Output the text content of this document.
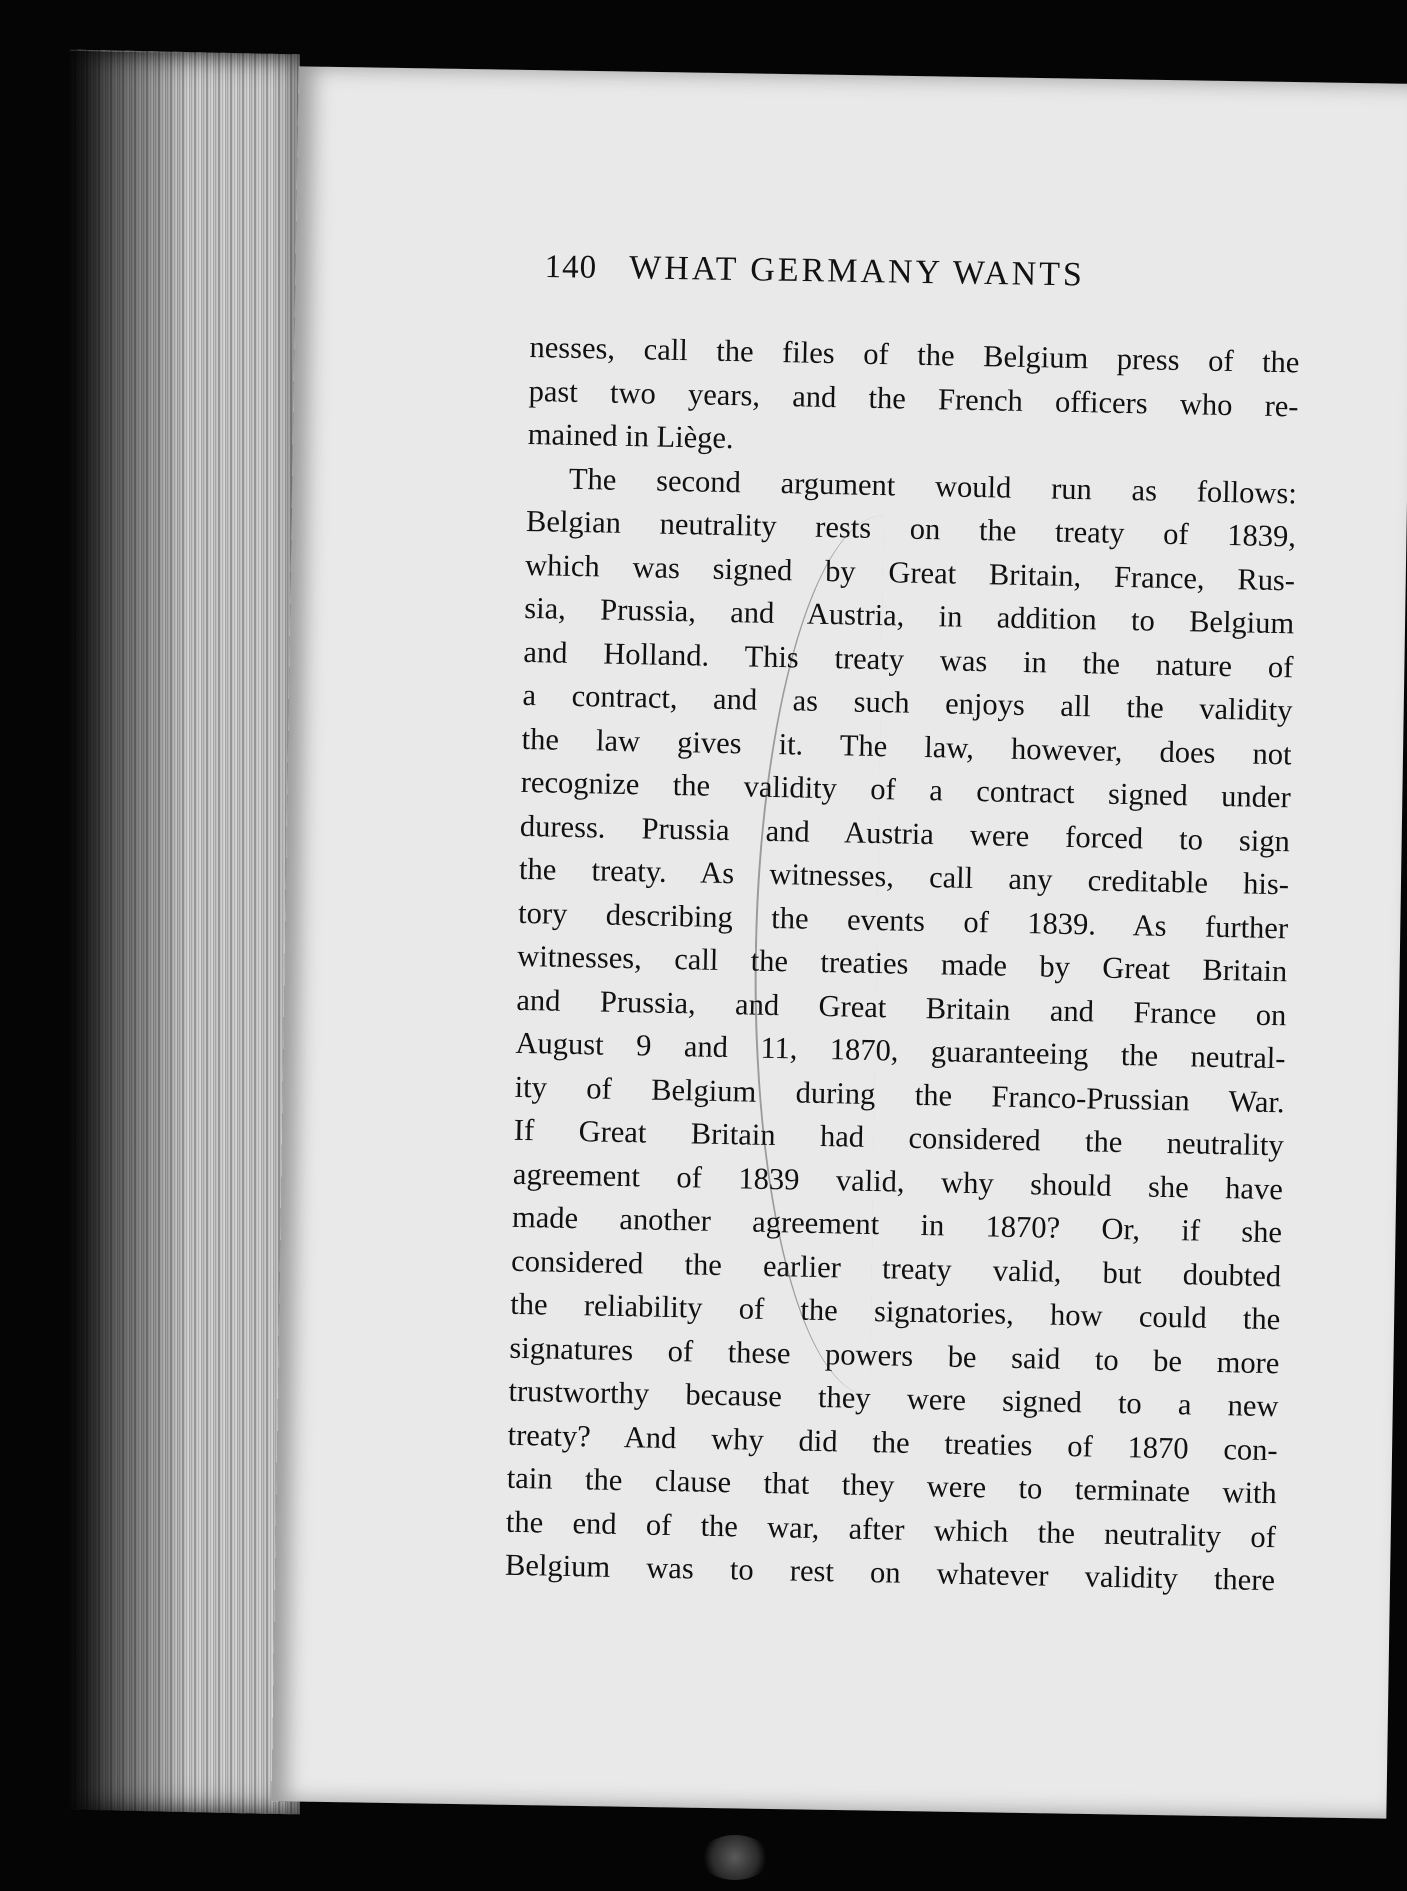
140 WHAT GERMANY WANTS
nesses, call the files of the Belgium press of the
past two years, and the French officers who re-
mained in Liège.
The second argument would run as follows:
Belgian neutrality rests on the treaty of 1839,
which was signed by Great Britain, France, Rus-
sia, Prussia, and Austria, in addition to Belgium
and Holland. This treaty was in the nature of
a contract, and as such enjoys all the validity
the law gives it. The law, however, does not
recognize the validity of a contract signed under
duress. Prussia and Austria were forced to sign
the treaty. As witnesses, call any creditable his-
tory describing the events of 1839. As further
witnesses, call the treaties made by Great Britain
and Prussia, and Great Britain and France on
August 9 and 11, 1870, guaranteeing the neutral-
ity of Belgium during the Franco-Prussian War.
If Great Britain had considered the neutrality
agreement of 1839 valid, why should she have
made another agreement in 1870? Or, if she
considered the earlier treaty valid, but doubted
the reliability of the signatories, how could the
signatures of these powers be said to be more
trustworthy because they were signed to a new
treaty? And why did the treaties of 1870 con-
tain the clause that they were to terminate with
the end of the war, after which the neutrality of
Belgium was to rest on whatever validity there
